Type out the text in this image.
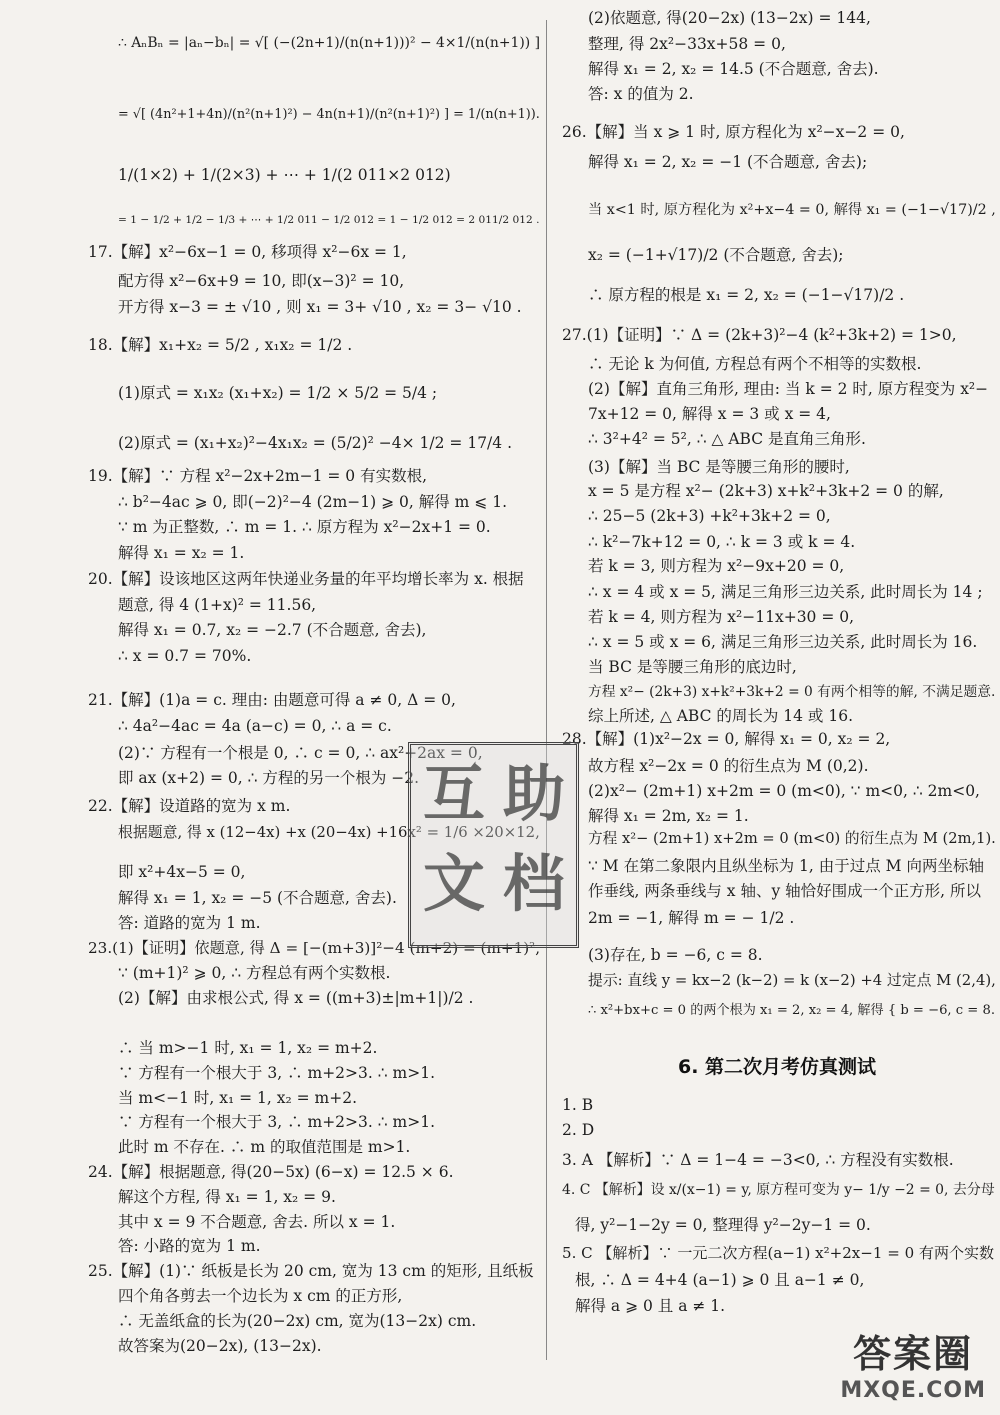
∴ AₙBₙ = |aₙ−bₙ| = √[ (−(2n+1)/(n(n+1)))² − 4×1/(n(n+1)) ]
= √[ (4n²+1+4n)/(n²(n+1)²) − 4n(n+1)/(n²(n+1)²) ] = 1/(n(n+1)).
1/(1×2) + 1/(2×3) + ⋯ + 1/(2 011×2 012)
= 1 − 1/2 + 1/2 − 1/3 + ⋯ + 1/2 011 − 1/2 012 = 1 − 1/2 012 = 2 011/2 012 .
17.【解】x²−6x−1 = 0, 移项得 x²−6x = 1,
配方得 x²−6x+9 = 10, 即(x−3)² = 10,
开方得 x−3 = ± √10 , 则 x₁ = 3+ √10 , x₂ = 3− √10 .
18.【解】x₁+x₂ = 5/2 , x₁x₂ = 1/2 .
(1)原式 = x₁x₂ (x₁+x₂) = 1/2 × 5/2 = 5/4 ;
(2)原式 = (x₁+x₂)²−4x₁x₂ = (5/2)² −4× 1/2 = 17/4 .
19.【解】∵ 方程 x²−2x+2m−1 = 0 有实数根,
∴ b²−4ac ⩾ 0, 即(−2)²−4 (2m−1) ⩾ 0, 解得 m ⩽ 1.
∵ m 为正整数, ∴ m = 1. ∴ 原方程为 x²−2x+1 = 0.
解得 x₁ = x₂ = 1.
20.【解】设该地区这两年快递业务量的年平均增长率为 x. 根据
题意, 得 4 (1+x)² = 11.56,
解得 x₁ = 0.7, x₂ = −2.7 (不合题意, 舍去),
∴ x = 0.7 = 70%.
21.【解】(1)a = c. 理由: 由题意可得 a ≠ 0, Δ = 0,
∴ 4a²−4ac = 4a (a−c) = 0, ∴ a = c.
(2)∵ 方程有一个根是 0, ∴ c = 0, ∴ ax²+2ax = 0,
即 ax (x+2) = 0, ∴ 方程的另一个根为 −2.
22.【解】设道路的宽为 x m.
根据题意, 得 x (12−4x) +x (20−4x) +16x² = 1/6 ×20×12,
即 x²+4x−5 = 0,
解得 x₁ = 1, x₂ = −5 (不合题意, 舍去).
答: 道路的宽为 1 m.
23.(1)【证明】依题意, 得 Δ = [−(m+3)]²−4 (m+2) = (m+1)²,
∵ (m+1)² ⩾ 0, ∴ 方程总有两个实数根.
(2)【解】由求根公式, 得 x = ((m+3)±|m+1|)/2 .
∴ 当 m>−1 时, x₁ = 1, x₂ = m+2.
∵ 方程有一个根大于 3, ∴ m+2>3. ∴ m>1.
当 m<−1 时, x₁ = 1, x₂ = m+2.
∵ 方程有一个根大于 3, ∴ m+2>3. ∴ m>1.
此时 m 不存在. ∴ m 的取值范围是 m>1.
24.【解】根据题意, 得(20−5x) (6−x) = 12.5 × 6.
解这个方程, 得 x₁ = 1, x₂ = 9.
其中 x = 9 不合题意, 舍去. 所以 x = 1.
答: 小路的宽为 1 m.
25.【解】(1)∵ 纸板是长为 20 cm, 宽为 13 cm 的矩形, 且纸板
四个角各剪去一个边长为 x cm 的正方形,
∴ 无盖纸盒的长为(20−2x) cm, 宽为(13−2x) cm.
故答案为(20−2x), (13−2x).
(2)依题意, 得(20−2x) (13−2x) = 144,
整理, 得 2x²−33x+58 = 0,
解得 x₁ = 2, x₂ = 14.5 (不合题意, 舍去).
答: x 的值为 2.
26.【解】当 x ⩾ 1 时, 原方程化为 x²−x−2 = 0,
解得 x₁ = 2, x₂ = −1 (不合题意, 舍去);
当 x<1 时, 原方程化为 x²+x−4 = 0, 解得 x₁ = (−1−√17)/2 ,
x₂ = (−1+√17)/2 (不合题意, 舍去);
∴ 原方程的根是 x₁ = 2, x₂ = (−1−√17)/2 .
27.(1)【证明】∵ Δ = (2k+3)²−4 (k²+3k+2) = 1>0,
∴ 无论 k 为何值, 方程总有两个不相等的实数根.
(2)【解】直角三角形, 理由: 当 k = 2 时, 原方程变为 x²−
7x+12 = 0, 解得 x = 3 或 x = 4,
∴ 3²+4² = 5², ∴ △ ABC 是直角三角形.
(3)【解】当 BC 是等腰三角形的腰时,
x = 5 是方程 x²− (2k+3) x+k²+3k+2 = 0 的解,
∴ 25−5 (2k+3) +k²+3k+2 = 0,
∴ k²−7k+12 = 0, ∴ k = 3 或 k = 4.
若 k = 3, 则方程为 x²−9x+20 = 0,
∴ x = 4 或 x = 5, 满足三角形三边关系, 此时周长为 14 ;
若 k = 4, 则方程为 x²−11x+30 = 0,
∴ x = 5 或 x = 6, 满足三角形三边关系, 此时周长为 16.
当 BC 是等腰三角形的底边时,
方程 x²− (2k+3) x+k²+3k+2 = 0 有两个相等的解, 不满足题意.
综上所述, △ ABC 的周长为 14 或 16.
28.【解】(1)x²−2x = 0, 解得 x₁ = 0, x₂ = 2,
故方程 x²−2x = 0 的衍生点为 M (0,2).
(2)x²− (2m+1) x+2m = 0 (m<0), ∵ m<0, ∴ 2m<0,
解得 x₁ = 2m, x₂ = 1.
方程 x²− (2m+1) x+2m = 0 (m<0) 的衍生点为 M (2m,1).
∵ M 在第二象限内且纵坐标为 1, 由于过点 M 向两坐标轴
作垂线, 两条垂线与 x 轴、y 轴恰好围成一个正方形, 所以
2m = −1, 解得 m = − 1/2 .
(3)存在, b = −6, c = 8.
提示: 直线 y = kx−2 (k−2) = k (x−2) +4 过定点 M (2,4),
∴ x²+bx+c = 0 的两个根为 x₁ = 2, x₂ = 4, 解得 { b = −6, c = 8.
6. 第二次月考仿真测试
1. B
2. D
3. A 【解析】∵ Δ = 1−4 = −3<0, ∴ 方程没有实数根.
4. C 【解析】设 x/(x−1) = y, 原方程可变为 y− 1/y −2 = 0, 去分母
得, y²−1−2y = 0, 整理得 y²−2y−1 = 0.
5. C 【解析】∵ 一元二次方程(a−1) x²+2x−1 = 0 有两个实数
根, ∴ Δ = 4+4 (a−1) ⩾ 0 且 a−1 ≠ 0,
解得 a ⩾ 0 且 a ≠ 1.
互 助
文 档
答案圈
MXQE.COM
